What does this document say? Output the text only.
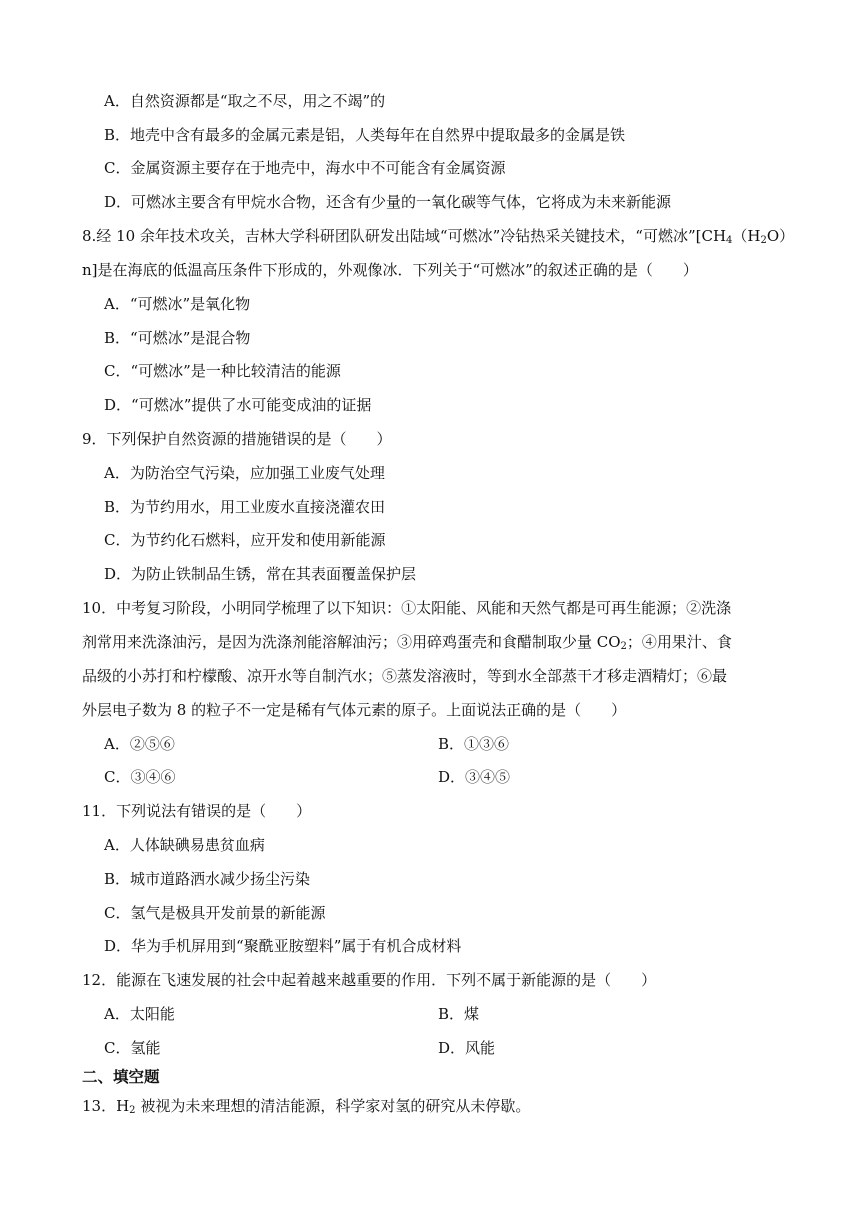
A．自然资源都是“取之不尽，用之不竭”的
B．地壳中含有最多的金属元素是铝，人类每年在自然界中提取最多的金属是铁
C．金属资源主要存在于地壳中，海水中不可能含有金属资源
D．可燃冰主要含有甲烷水合物，还含有少量的一氧化碳等气体，它将成为未来新能源
8.经 10 余年技术攻关，吉林大学科研团队研发出陆域“可燃冰”冷钻热采关键技术，“可燃冰$”[CH_4(H_2O)$
n]是在海底的低温高压条件下形成的，外观像冰．下列关于“可燃冰”的叙述正确的是（　　）
A．“可燃冰”是氧化物
B．“可燃冰”是混合物
C．“可燃冰”是一种比较清洁的能源
D．“可燃冰”提供了水可能变成油的证据
9．下列保护自然资源的措施错误的是（　　）
A．为防治空气污染，应加强工业废气处理
B．为节约用水，用工业废水直接浇灌农田
C．为节约化石燃料，应开发和使用新能源
D．为防止铁制品生锈，常在其表面覆盖保护层
10．中考复习阶段，小明同学梳理了以下知识：①太阳能、风能和天然气都是可再生能源；②洗涤
剂常用来洗涤油污，是因为洗涤剂能溶解油污；③用碎鸡蛋壳和食醋制取少量 $CO_2$；④用果汁、食
品级的小苏打和柠檬酸、凉开水等自制汽水；⑤蒸发溶液时，等到水全部蒸干才移走酒精灯；⑥最
外层电子数为 8 的粒子不一定是稀有气体元素的原子。上面说法正确的是（　　）
A．②⑤⑥	B．①③⑥
C．③④⑥	D．③④⑤
11．下列说法有错误的是（　　）
A．人体缺碘易患贫血病
B．城市道路洒水减少扬尘污染
C．氢气是极具开发前景的新能源
D．华为手机屏用到“聚酰亚胺塑料”属于有机合成材料
12．能源在飞速发展的社会中起着越来越重要的作用．下列不属于新能源的是（　　）
A．太阳能	B．煤
C．氢能	D．风能
二、填空题
13．$H_2$ 被视为未来理想的清洁能源，科学家对氢的研究从未停歇。
